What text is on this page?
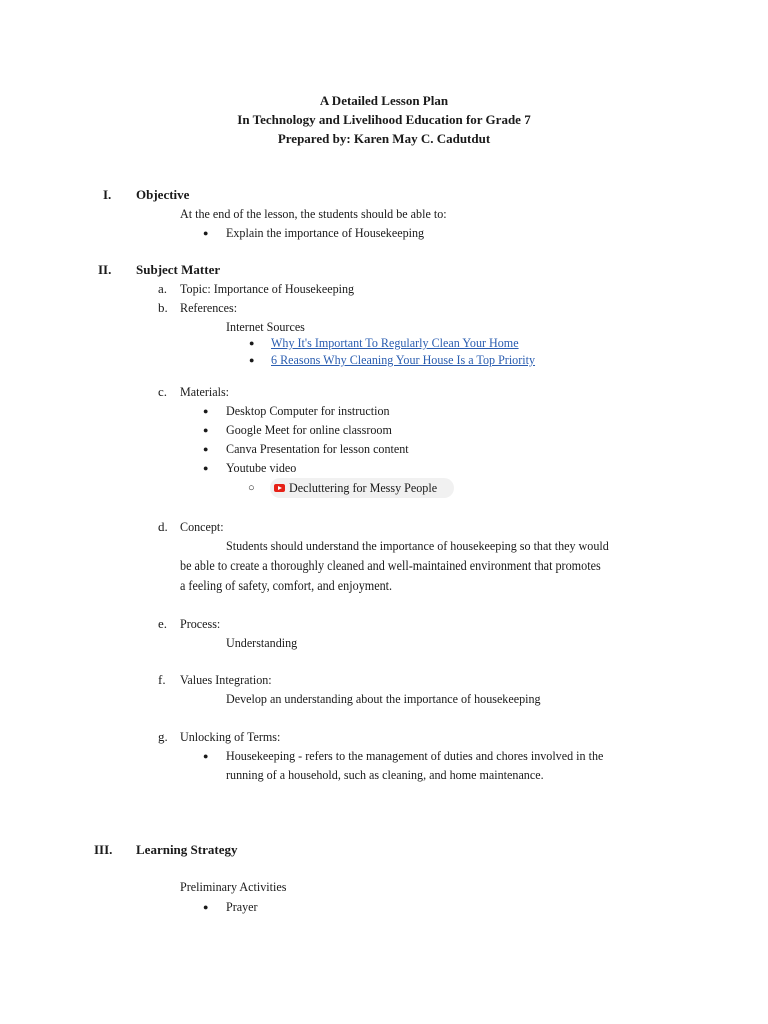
A Detailed Lesson Plan
In Technology and Livelihood Education for Grade 7
Prepared by: Karen May C. Cadutdut
I. Objective
At the end of the lesson, the students should be able to:
● Explain the importance of Housekeeping
II. Subject Matter
a. Topic: Importance of Housekeeping
b. References:
Internet Sources
● Why It's Important To Regularly Clean Your Home
● 6 Reasons Why Cleaning Your House Is a Top Priority
c. Materials:
● Desktop Computer for instruction
● Google Meet for online classroom
● Canva Presentation for lesson content
● Youtube video
○	Decluttering for Messy People
d. Concept:
Students should understand the importance of housekeeping so that they would
be able to create a thoroughly cleaned and well-maintained environment that promotes
a feeling of safety, comfort, and enjoyment.
e. Process:
Understanding
f. Values Integration:
Develop an understanding about the importance of housekeeping
g. Unlocking of Terms:
● Housekeeping - refers to the management of duties and chores involved in the
running of a household, such as cleaning, and home maintenance.
III. Learning Strategy
Preliminary Activities
● Prayer
